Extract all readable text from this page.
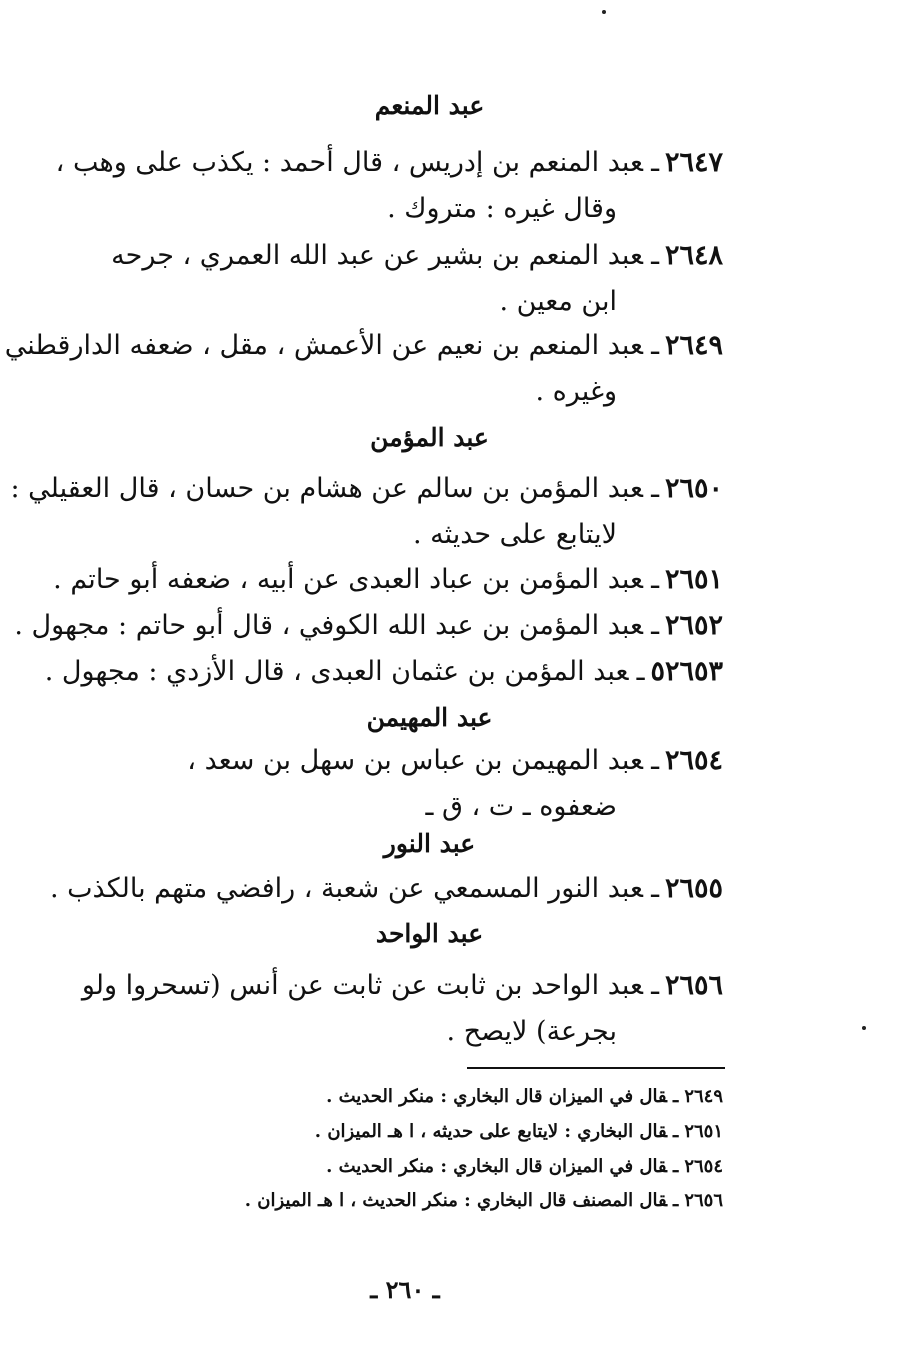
عبد المنعم
٢٦٤٧ـعبد المنعم بن إدريس ، قال أحمد : يكذب على وهب ،
وقال غيره : متروك .
٢٦٤٨ـعبد المنعم بن بشير عن عبد الله العمري ، جرحه
ابن معين .
٢٦٤٩ـعبد المنعم بن نعيم عن الأعمش ، مقل ، ضعفه الدارقطني
وغيره .
عبد المؤمن
٢٦٥٠ـعبد المؤمن بن سالم عن هشام بن حسان ، قال العقيلي :
لايتابع على حديثه .
٢٦٥١ـعبد المؤمن بن عباد العبدى عن أبيه ، ضعفه أبو حاتم .
٢٦٥٢ـعبد المؤمن بن عبد الله الكوفي ، قال أبو حاتم : مجهول .
٥٢٦٥٣ـعبد المؤمن بن عثمان العبدى ، قال الأزدي : مجهول .
عبد المهيمن
٢٦٥٤ـعبد المهيمن بن عباس بن سهل بن سعد ،
ضعفوه ـ ت ، ق ـ
عبد النور
٢٦٥٥ـعبد النور المسمعي عن شعبة ، رافضي متهم بالكذب .
عبد الواحد
٢٦٥٦ـعبد الواحد بن ثابت عن ثابت عن أنس (تسحروا ولو
بجرعة) لايصح .
٢٦٤٩ـقال في الميزان قال البخاري : منكر الحديث .
٢٦٥١ـقال البخاري : لايتابع على حديثه ، ا هـ الميزان .
٢٦٥٤ـقال في الميزان قال البخاري : منكر الحديث .
٢٦٥٦ـقال المصنف قال البخاري : منكر الحديث ، ا هـ الميزان .
ـ ٢٦٠ ـ
